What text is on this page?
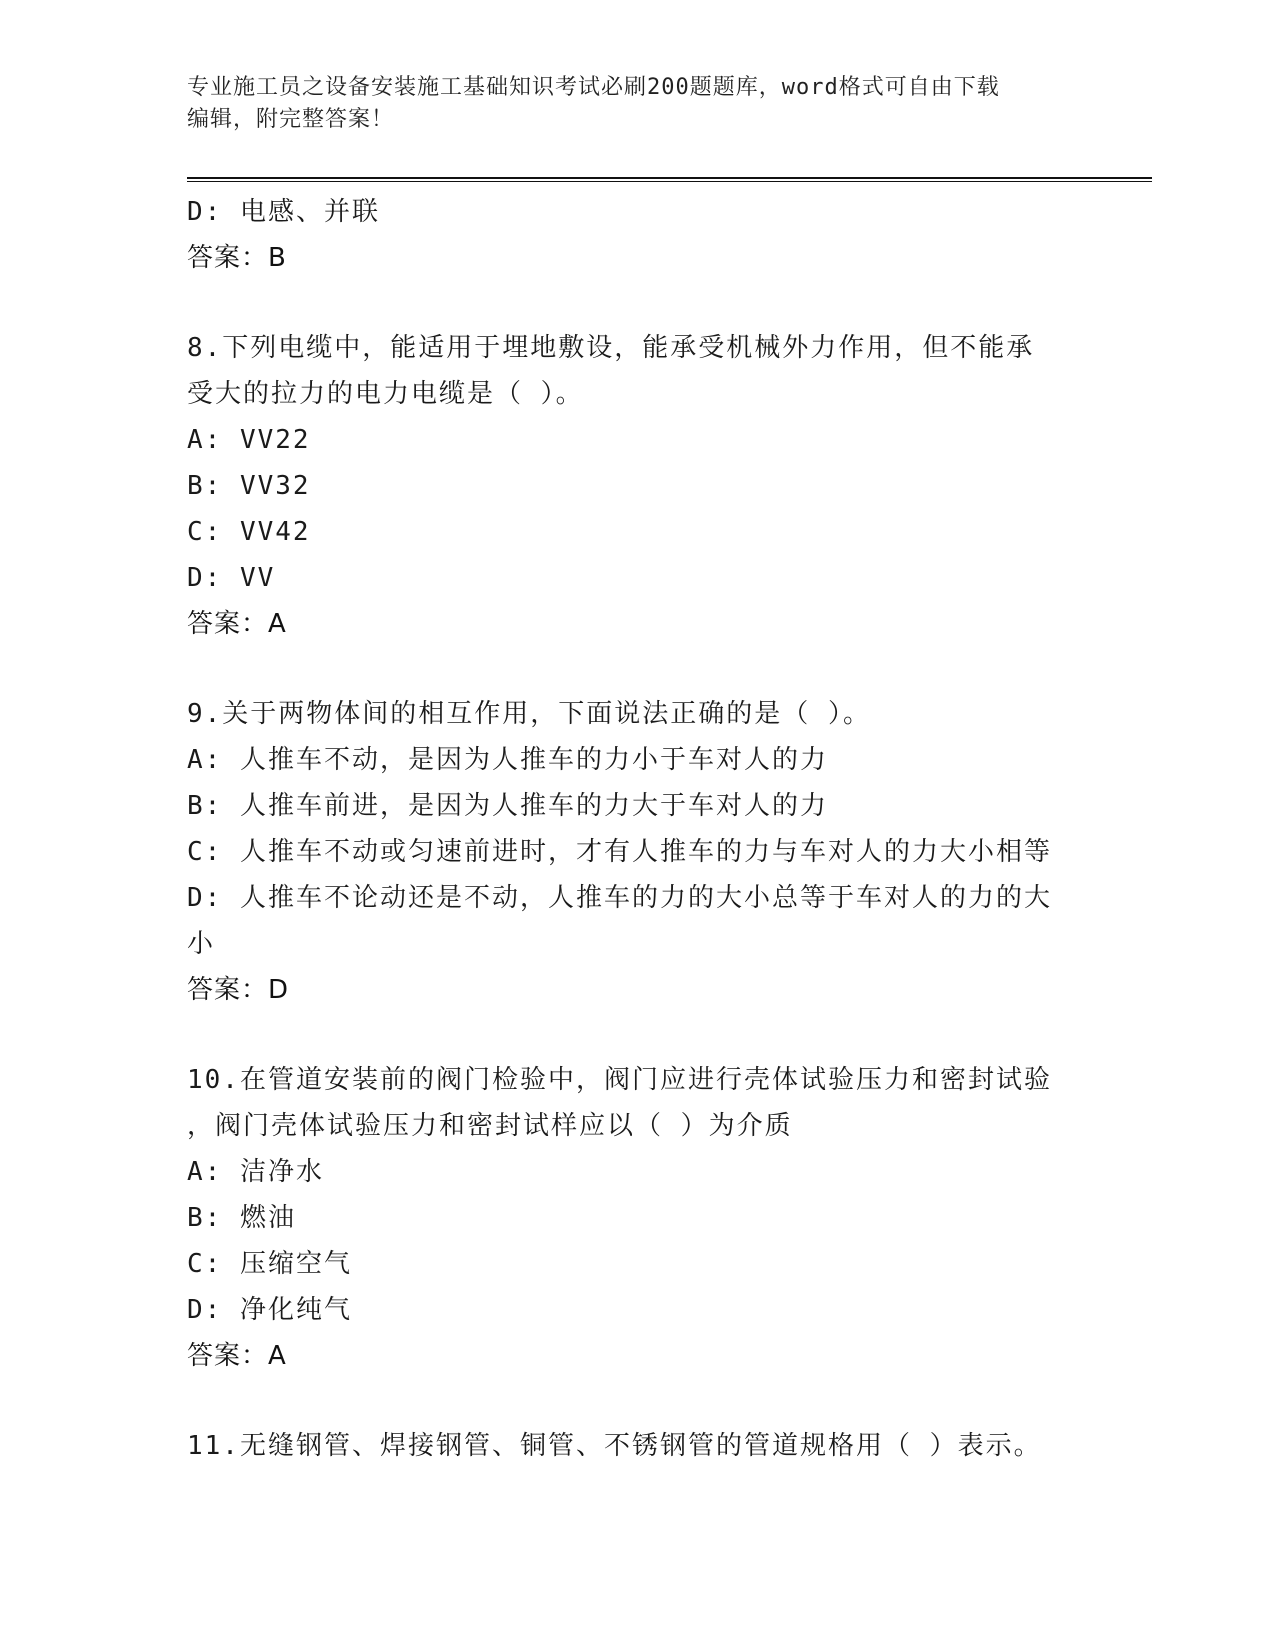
专业施工员之设备安装施工基础知识考试必刷200题题库，word格式可自由下载
编辑，附完整答案！
D: 电感、并联
答案：B
8.下列电缆中，能适用于埋地敷设，能承受机械外力作用，但不能承
受大的拉力的电力电缆是（ ）。
A: VV22
B: VV32
C: VV42
D: VV
答案：A
9.关于两物体间的相互作用，下面说法正确的是（ ）。
A: 人推车不动，是因为人推车的力小于车对人的力
B: 人推车前进，是因为人推车的力大于车对人的力
C: 人推车不动或匀速前进时，才有人推车的力与车对人的力大小相等
D: 人推车不论动还是不动，人推车的力的大小总等于车对人的力的大
小
答案：D
10.在管道安装前的阀门检验中，阀门应进行壳体试验压力和密封试验
，阀门壳体试验压力和密封试样应以（ ）为介质
A: 洁净水
B: 燃油
C: 压缩空气
D: 净化纯气
答案：A
11.无缝钢管、焊接钢管、铜管、不锈钢管的管道规格用（ ）表示。
